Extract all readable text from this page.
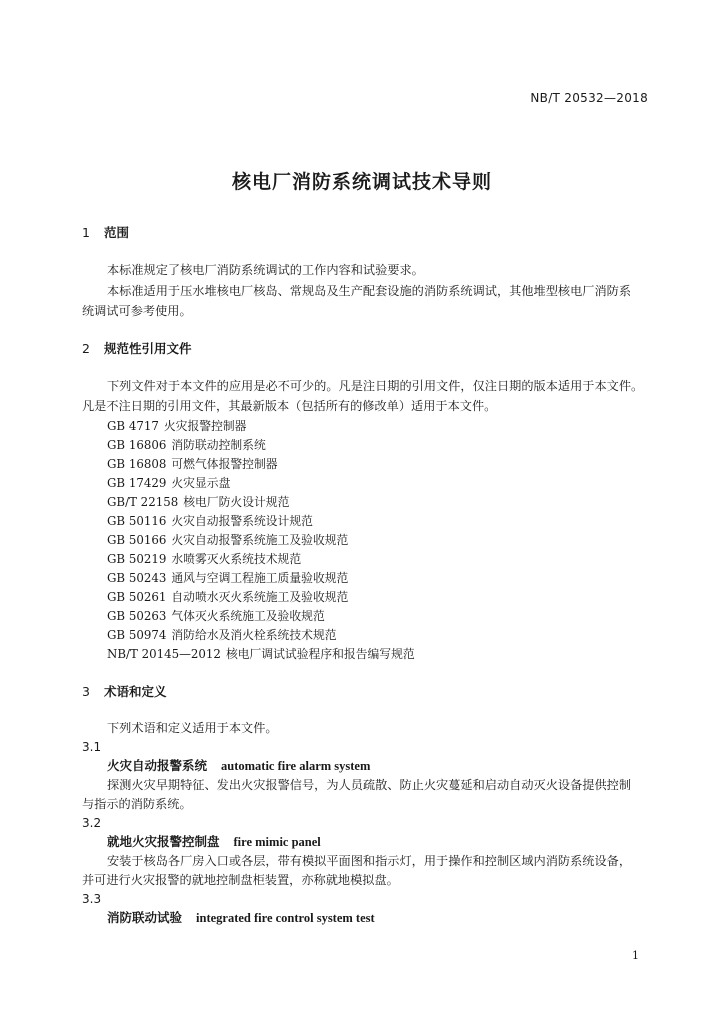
NB/T 20532—2018
核电厂消防系统调试技术导则
1 范围
本标准规定了核电厂消防系统调试的工作内容和试验要求。
本标准适用于压水堆核电厂核岛、常规岛及生产配套设施的消防系统调试，其他堆型核电厂消防系
统调试可参考使用。
2 规范性引用文件
下列文件对于本文件的应用是必不可少的。凡是注日期的引用文件，仅注日期的版本适用于本文件。
凡是不注日期的引用文件，其最新版本（包括所有的修改单）适用于本文件。
GB 4717 火灾报警控制器
GB 16806 消防联动控制系统
GB 16808 可燃气体报警控制器
GB 17429 火灾显示盘
GB/T 22158 核电厂防火设计规范
GB 50116 火灾自动报警系统设计规范
GB 50166 火灾自动报警系统施工及验收规范
GB 50219 水喷雾灭火系统技术规范
GB 50243 通风与空调工程施工质量验收规范
GB 50261 自动喷水灭火系统施工及验收规范
GB 50263 气体灭火系统施工及验收规范
GB 50974 消防给水及消火栓系统技术规范
NB/T 20145—2012 核电厂调试试验程序和报告编写规范
3 术语和定义
下列术语和定义适用于本文件。
3.1
火灾自动报警系统 automatic fire alarm system
探测火灾早期特征、发出火灾报警信号，为人员疏散、防止火灾蔓延和启动自动灭火设备提供控制
与指示的消防系统。
3.2
就地火灾报警控制盘 fire mimic panel
安装于核岛各厂房入口或各层，带有模拟平面图和指示灯，用于操作和控制区域内消防系统设备，
并可进行火灾报警的就地控制盘柜装置，亦称就地模拟盘。
3.3
消防联动试验 integrated fire control system test
1
